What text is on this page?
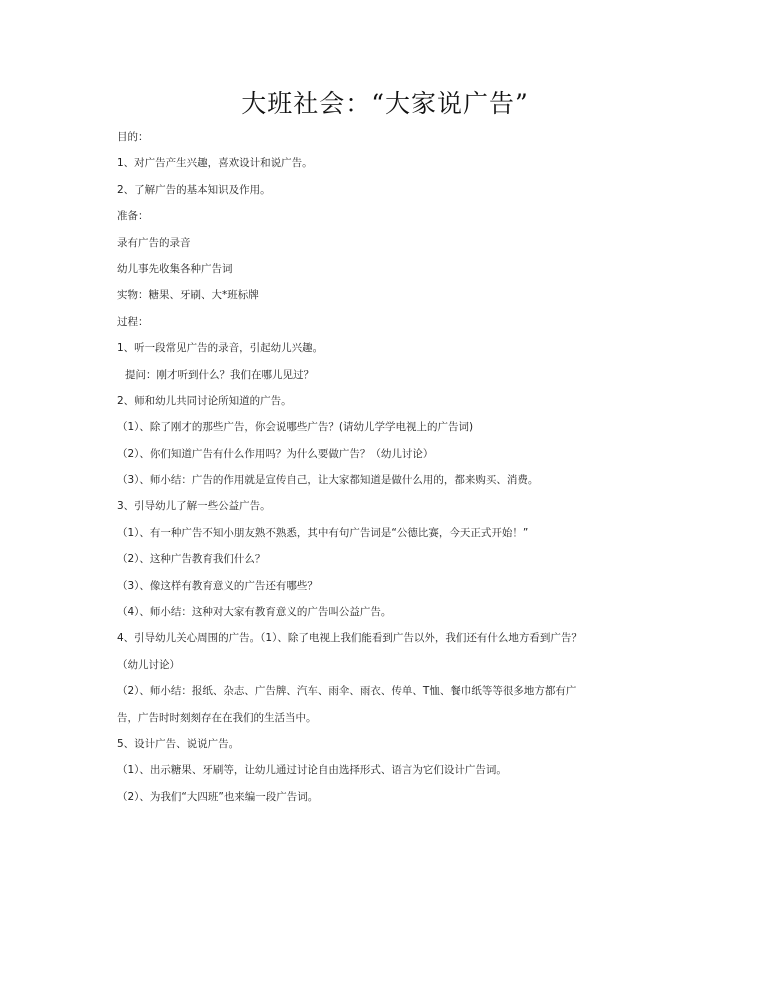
大班社会：“大家说广告”
目的：
1、对广告产生兴趣，喜欢设计和说广告。
2、了解广告的基本知识及作用。
准备：
录有广告的录音
幼儿事先收集各种广告词
实物：糖果、牙刷、大*班标牌
过程：
1、听一段常见广告的录音，引起幼儿兴趣。
提问：刚才听到什么？我们在哪儿见过？
2、师和幼儿共同讨论所知道的广告。
（1）、除了刚才的那些广告，你会说哪些广告？(请幼儿学学电视上的广告词)
（2）、你们知道广告有什么作用吗？为什么要做广告？（幼儿讨论）
（3）、师小结：广告的作用就是宣传自己，让大家都知道是做什么用的，都来购买、消费。
3、引导幼儿了解一些公益广告。
（1）、有一种广告不知小朋友熟不熟悉，其中有句广告词是“公德比赛，今天正式开始！”
（2）、这种广告教育我们什么？
（3）、像这样有教育意义的广告还有哪些？
（4）、师小结：这种对大家有教育意义的广告叫公益广告。
4、引导幼儿关心周围的广告。（1）、除了电视上我们能看到广告以外，我们还有什么地方看到广告？
（幼儿讨论）
（2）、师小结：报纸、杂志、广告牌、汽车、雨伞、雨衣、传单、T恤、餐巾纸等等很多地方都有广
告，广告时时刻刻存在在我们的生活当中。
5、设计广告、说说广告。
（1）、出示糖果、牙刷等，让幼儿通过讨论自由选择形式、语言为它们设计广告词。
（2）、为我们“大四班”也来编一段广告词。
